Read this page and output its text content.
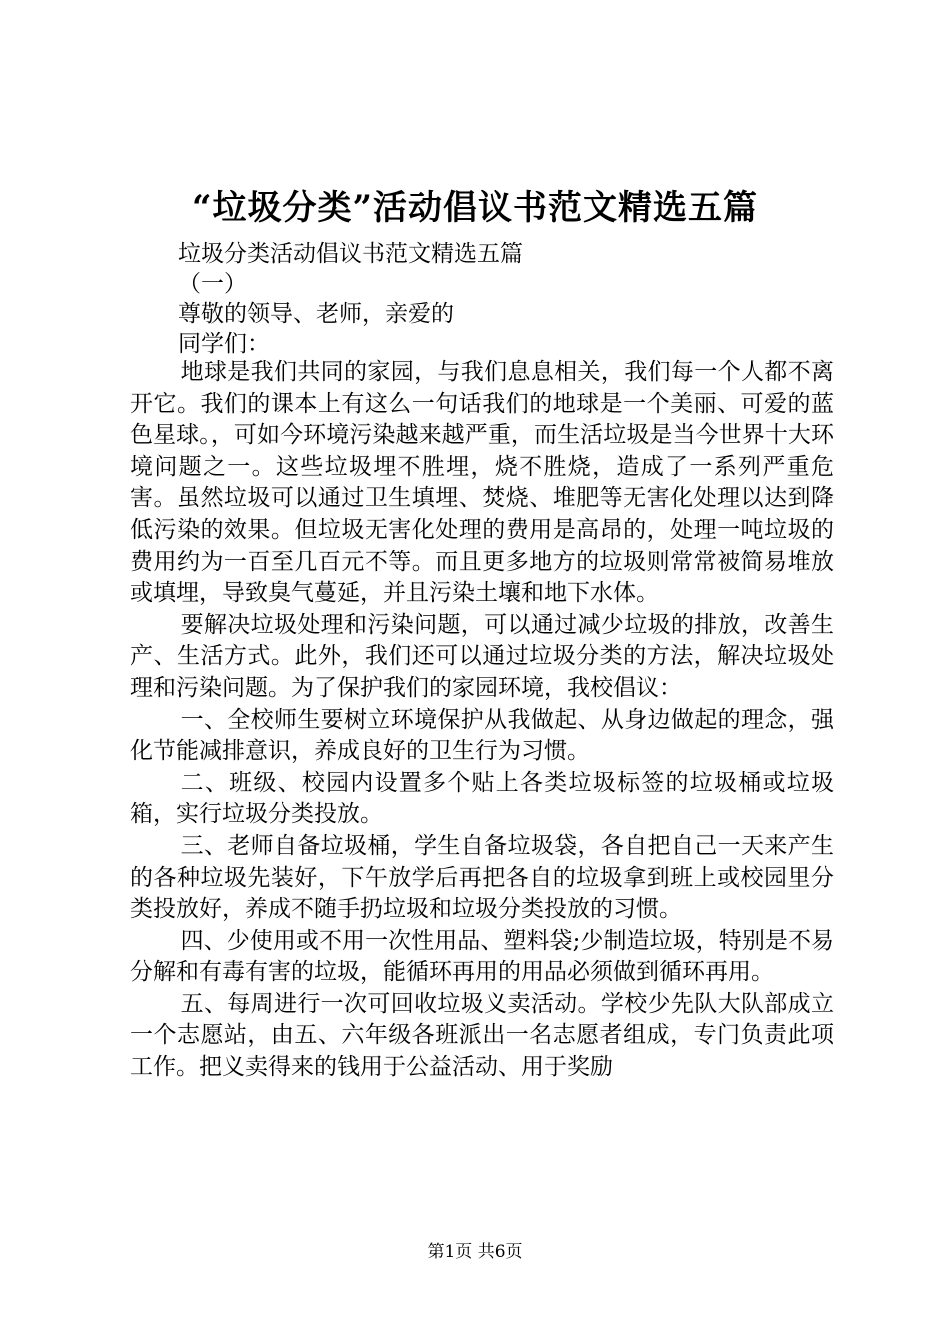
“垃圾分类”活动倡议书范文精选五篇
垃圾分类活动倡议书范文精选五篇
（一）
尊敬的领导、老师，亲爱的
同学们：

地球是我们共同的家园，与我们息息相关，我们每一个人都不离开它。我们的课本上有这么一句话我们的地球是一个美丽、可爱的蓝色星球。，可如今环境污染越来越严重，而生活垃圾是当今世界十大环境问题之一。这些垃圾埋不胜埋，烧不胜烧，造成了一系列严重危害。虽然垃圾可以通过卫生填埋、焚烧、堆肥等无害化处理以达到降低污染的效果。但垃圾无害化处理的费用是高昂的，处理一吨垃圾的费用约为一百至几百元不等。而且更多地方的垃圾则常常被简易堆放或填埋，导致臭气蔓延，并且污染土壤和地下水体。

要解决垃圾处理和污染问题，可以通过减少垃圾的排放，改善生产、生活方式。此外，我们还可以通过垃圾分类的方法，解决垃圾处理和污染问题。为了保护我们的家园环境，我校倡议：

一、全校师生要树立环境保护从我做起、从身边做起的理念，强化节能减排意识，养成良好的卫生行为习惯。

二、班级、校园内设置多个贴上各类垃圾标签的垃圾桶或垃圾箱，实行垃圾分类投放。

三、老师自备垃圾桶，学生自备垃圾袋，各自把自己一天来产生的各种垃圾先装好，下午放学后再把各自的垃圾拿到班上或校园里分类投放好，养成不随手扔垃圾和垃圾分类投放的习惯。

四、少使用或不用一次性用品、塑料袋;少制造垃圾，特别是不易分解和有毒有害的垃圾，能循环再用的用品必须做到循环再用。

五、每周进行一次可回收垃圾义卖活动。学校少先队大队部成立一个志愿站，由五、六年级各班派出一名志愿者组成，专门负责此项工作。把义卖得来的钱用于公益活动、用于奖励

第1页 共6页
